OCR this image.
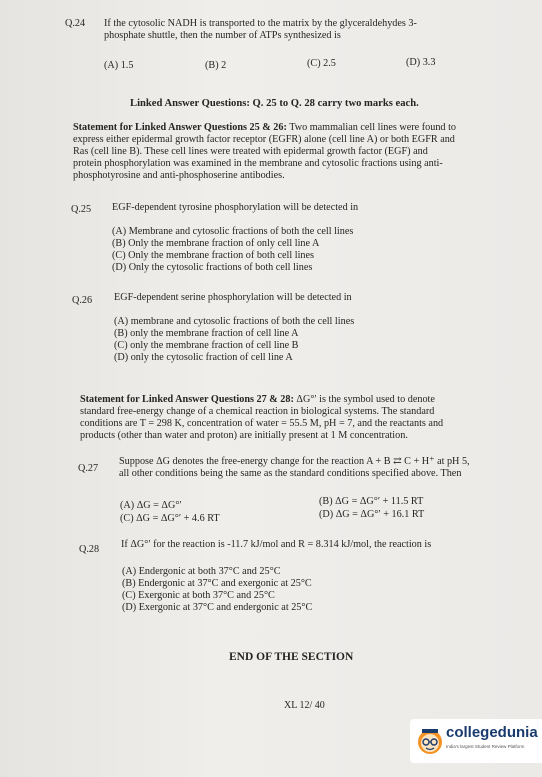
Q.24 If the cytosolic NADH is transported to the matrix by the glyceraldehydes 3-
phosphate shuttle, then the number of ATPs synthesized is
(A) 1.5	(B) 2	(C) 2.5	(D) 3.3
Linked Answer Questions: Q. 25 to Q. 28 carry two marks each.
Statement for Linked Answer Questions 25 & 26: Two mammalian cell lines were found to
express either epidermal growth factor receptor (EGFR) alone (cell line A) or both EGFR and
Ras (cell line B). These cell lines were treated with epidermal growth factor (EGF) and
protein phosphorylation was examined in the membrane and cytosolic fractions using anti-
phosphotyrosine and anti-phosphoserine antibodies.
Q.25 EGF-dependent tyrosine phosphorylation will be detected in
(A) Membrane and cytosolic fractions of both the cell lines
(B) Only the membrane fraction of only cell line A
(C) Only the membrane fraction of both cell lines
(D) Only the cytosolic fractions of both cell lines
Q.26 EGF-dependent serine phosphorylation will be detected in
(A) membrane and cytosolic fractions of both the cell lines
(B) only the membrane fraction of cell line A
(C) only the membrane fraction of cell line B
(D) only the cytosolic fraction of cell line A
Statement for Linked Answer Questions 27 & 28: ΔG°′ is the symbol used to denote
standard free-energy change of a chemical reaction in biological systems. The standard
conditions are T = 298 K, concentration of water = 55.5 M, pH = 7, and the reactants and
products (other than water and proton) are initially present at 1 M concentration.
Q.27
Suppose ΔG denotes the free-energy change for the reaction A + B ⇄ C + H⁺ at pH 5,
all other conditions being the same as the standard conditions specified above. Then
(A) ΔG = ΔG°′	(B) ΔG = ΔG°′ + 11.5 RT
(C) ΔG = ΔG°′ + 4.6 RT	(D) ΔG = ΔG°′ + 16.1 RT
Q.28 If ΔG°′ for the reaction is -11.7 kJ/mol and R = 8.314 kJ/mol, the reaction is
(A) Endergonic at both 37°C and 25°C
(B) Endergonic at 37°C and exergonic at 25°C
(C) Exergonic at both 37°C and 25°C
(D) Exergonic at 37°C and endergonic at 25°C
END OF THE SECTION
XL 12/ 40
collegedunia
India's largest Student Review Platform
